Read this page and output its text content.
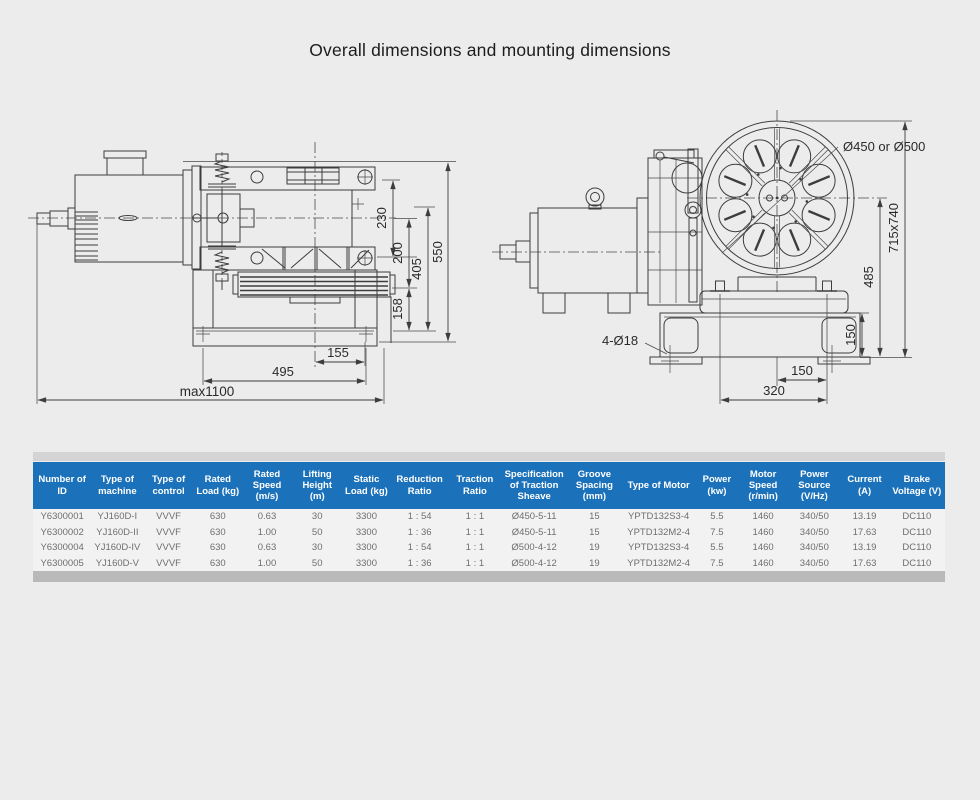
Overall dimensions and mounting dimensions
230
200
405
550
158
155
495
max1100
Ø450 or Ø500
715x740
485
150
150
320
4-Ø18
Number of ID	Type of machine	Type of control	Rated Load (kg)	Rated Speed (m/s)	Lifting Height (m)	Static Load (kg)	Reduction Ratio	Traction Ratio	Specification of Traction Sheave	Groove Spacing (mm)	Type of Motor	Power (kw)	Motor Speed (r/min)	Power Source (V/Hz)	Current (A)	Brake Voltage (V)
Y6300001	YJ160D-I	VVVF	630	0.63	30	3300	1 : 54	1 : 1	Ø450-5-11	15	YPTD132S3-4	5.5	1460	340/50	13.19	DC110
Y6300002	YJ160D-II	VVVF	630	1.00	50	3300	1 : 36	1 : 1	Ø450-5-11	15	YPTD132M2-4	7.5	1460	340/50	17.63	DC110
Y6300004	YJ160D-IV	VVVF	630	0.63	30	3300	1 : 54	1 : 1	Ø500-4-12	19	YPTD132S3-4	5.5	1460	340/50	13.19	DC110
Y6300005	YJ160D-V	VVVF	630	1.00	50	3300	1 : 36	1 : 1	Ø500-4-12	19	YPTD132M2-4	7.5	1460	340/50	17.63	DC110
